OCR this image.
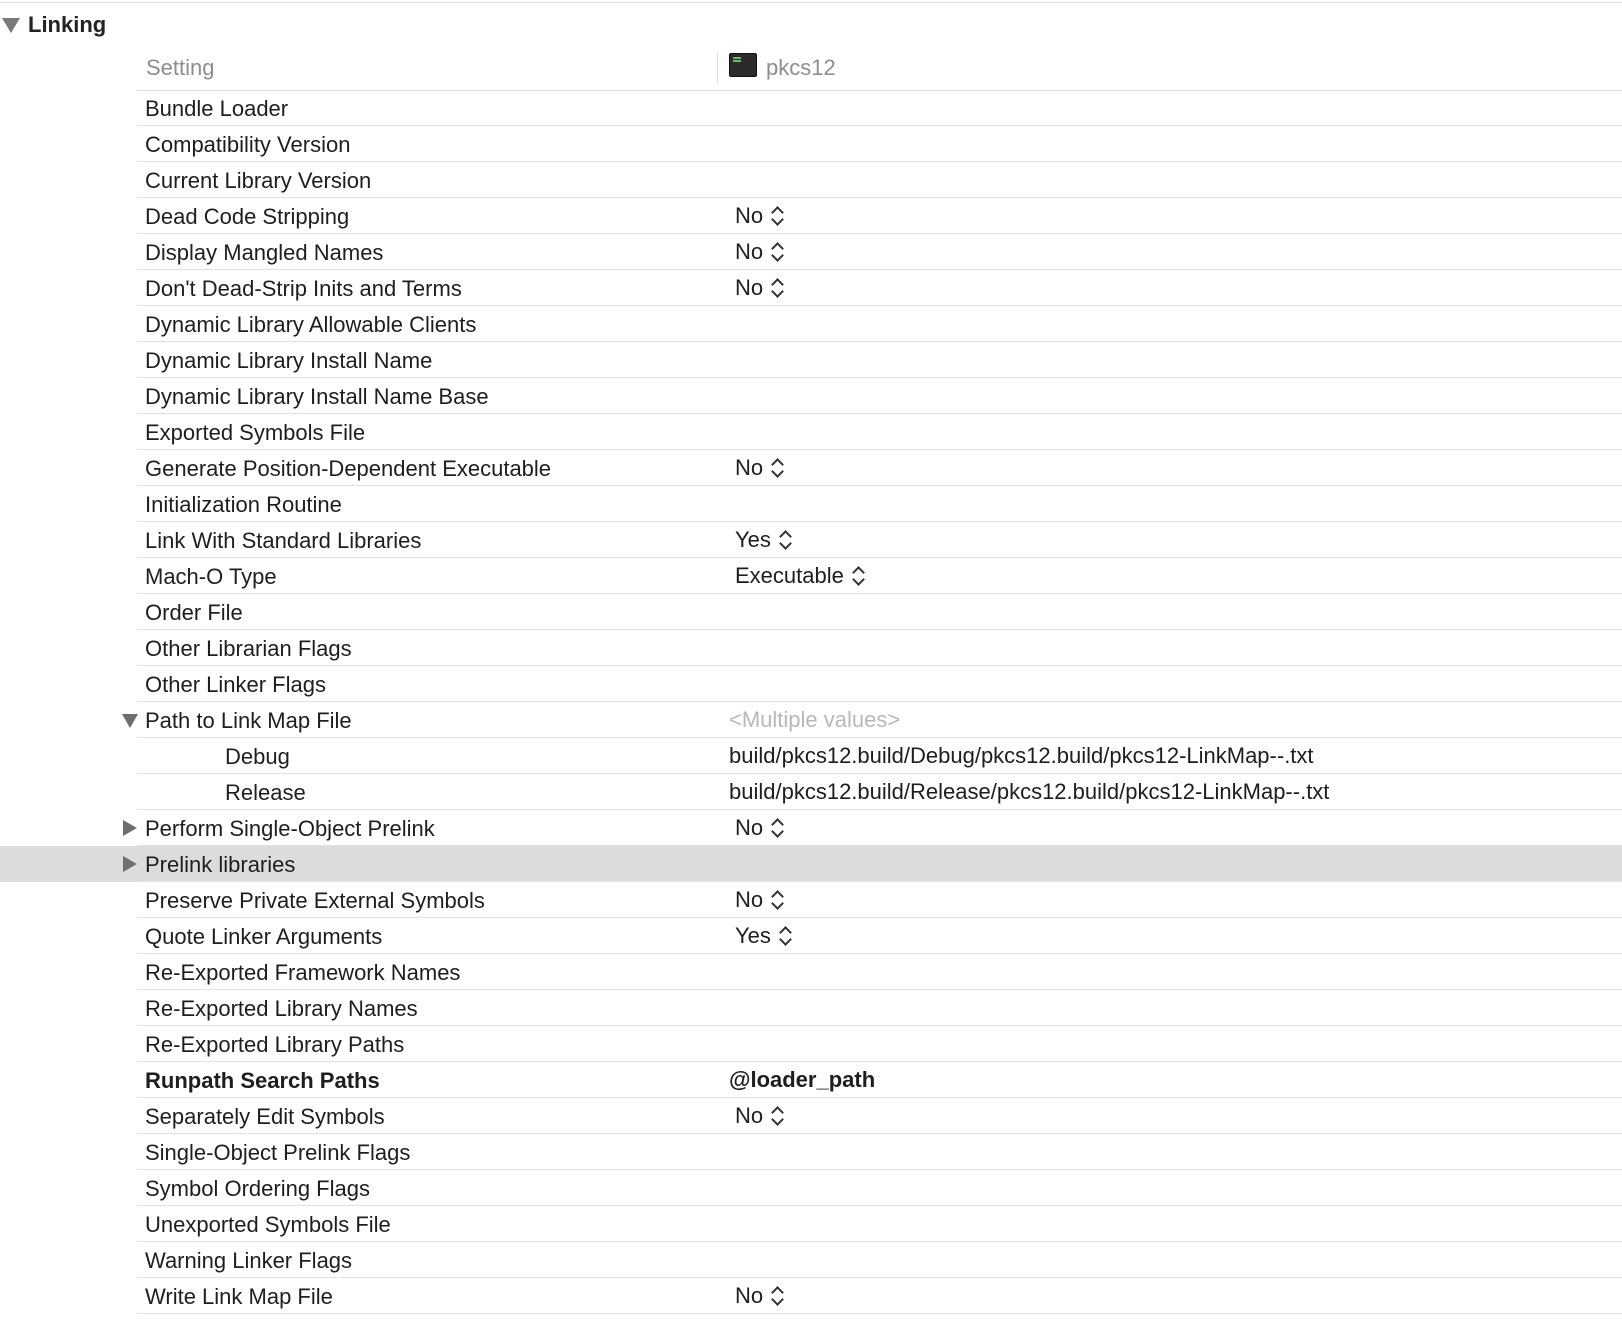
Linking
Setting	pkcs12
Bundle Loader
Compatibility Version
Current Library Version
Dead Code Stripping	No
Display Mangled Names	No
Don't Dead-Strip Inits and Terms	No
Dynamic Library Allowable Clients
Dynamic Library Install Name
Dynamic Library Install Name Base
Exported Symbols File
Generate Position-Dependent Executable	No
Initialization Routine
Link With Standard Libraries	Yes
Mach-O Type	Executable
Order File
Other Librarian Flags
Other Linker Flags
Path to Link Map File	<Multiple values>
Debug	build/pkcs12.build/Debug/pkcs12.build/pkcs12-LinkMap--.txt
Release	build/pkcs12.build/Release/pkcs12.build/pkcs12-LinkMap--.txt
Perform Single-Object Prelink	No
Prelink libraries
Preserve Private External Symbols	No
Quote Linker Arguments	Yes
Re-Exported Framework Names
Re-Exported Library Names
Re-Exported Library Paths
Runpath Search Paths	@loader_path
Separately Edit Symbols	No
Single-Object Prelink Flags
Symbol Ordering Flags
Unexported Symbols File
Warning Linker Flags
Write Link Map File	No
